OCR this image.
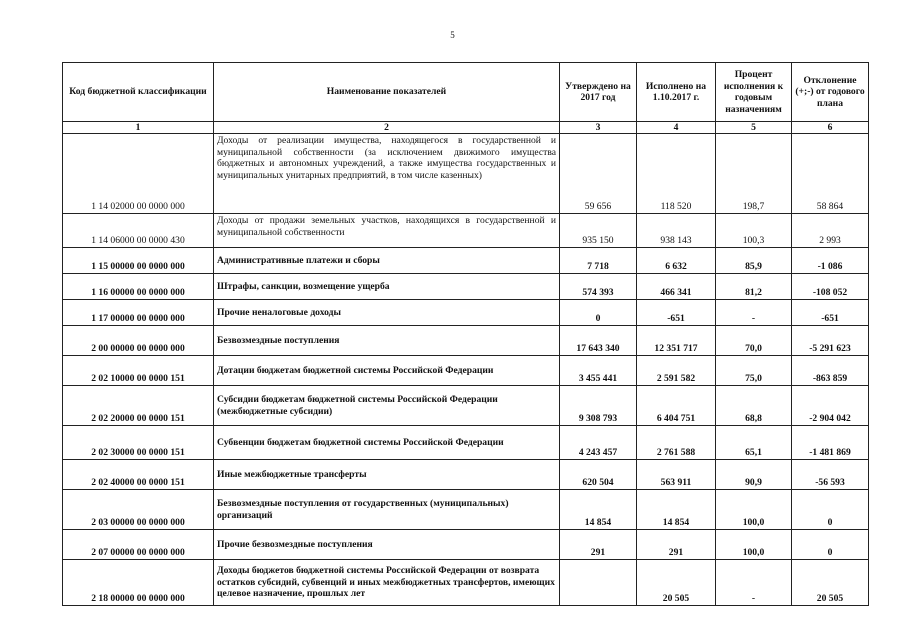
5
Код бюджетной классификации	Наименование показателей	Утверждено на 2017 год	Исполнено на 1.10.2017 г.	Процент исполнения к годовым назначениям	Отклонение (+;-) от годового плана
1	2	3	4	5	6
1 14 02000 00 0000 000	Доходы от реализации имущества, находящегося в государственной и муниципальной собственности (за исключением движимого имущества бюджетных и автономных учреждений, а также имущества государственных и муниципальных унитарных предприятий, в том числе казенных)	59 656	118 520	198,7	58 864
1 14 06000 00 0000 430	Доходы от продажи земельных участков, находящихся в государственной и муниципальной собственности	935 150	938 143	100,3	2 993
1 15 00000 00 0000 000	Административные платежи и сборы	7 718	6 632	85,9	-1 086
1 16 00000 00 0000 000	Штрафы, санкции, возмещение ущерба	574 393	466 341	81,2	-108 052
1 17 00000 00 0000 000	Прочие неналоговые доходы	0	-651	-	-651
2 00 00000 00 0000 000	Безвозмездные поступления	17 643 340	12 351 717	70,0	-5 291 623
2 02 10000 00 0000 151	Дотации бюджетам бюджетной системы Российской Федерации	3 455 441	2 591 582	75,0	-863 859
2 02 20000 00 0000 151	Субсидии бюджетам бюджетной системы Российской Федерации (межбюджетные субсидии)	9 308 793	6 404 751	68,8	-2 904 042
2 02 30000 00 0000 151	Субвенции бюджетам бюджетной системы Российской Федерации	4 243 457	2 761 588	65,1	-1 481 869
2 02 40000 00 0000 151	Иные межбюджетные трансферты	620 504	563 911	90,9	-56 593
2 03 00000 00 0000 000	Безвозмездные поступления от государственных (муниципальных) организаций	14 854	14 854	100,0	0
2 07 00000 00 0000 000	Прочие безвозмездные поступления	291	291	100,0	0
2 18 00000 00 0000 000	Доходы бюджетов бюджетной системы Российской Федерации от возврата остатков субсидий, субвенций и иных межбюджетных трансфертов, имеющих целевое назначение, прошлых лет		20 505	-	20 505
